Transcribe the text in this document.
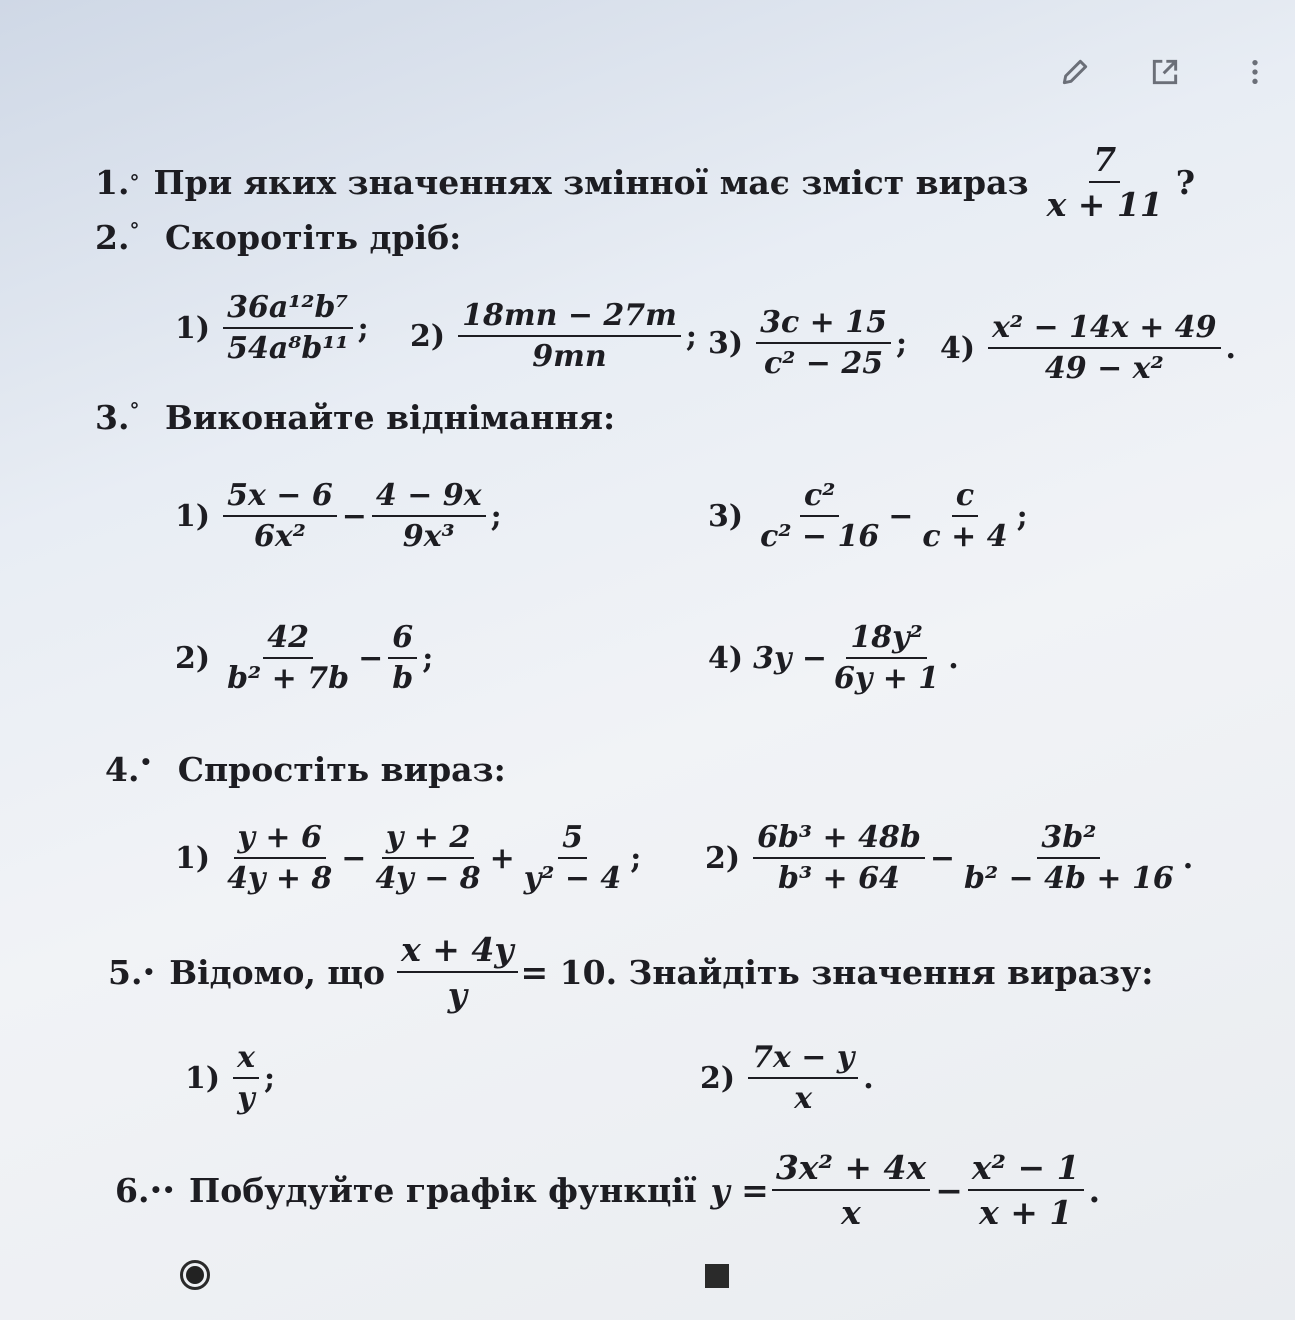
1. ° При яких значеннях змінної має зміст вираз $\frac{7}{x + 11}$ ?
2.° Скоротіть дріб:
$1) \frac{\text{36a¹²b⁷}}{\text{54a⁸b¹¹}}$ ; $2) \frac{18mn - 27m}{9mn}$ ; $3) \frac{3c + 15}{\text{c² − 25}}$ ; $4) \frac{\text{x² − 14x + 49}}{\text{49 − x²}}$ .
3.° Виконайте віднімання:
$1) \frac{5x - 6}{\text{6x²}} - \frac{4 - 9x}{\text{9x³}}$ ;	$3) \frac{\text{c²}}{\text{c² − 16}} - \frac{c}{c + 4}$ ;
$2) \frac{42}{\text{b² + 7b}} - \frac{6}{b}$ ;	4) $3y - \frac{\text{18y²}}{6y + 1}$ .
4.• Спростіть вираз:
$1) \frac{y + 6}{4y + 8} - \frac{y + 2}{4y - 8} + \frac{5}{\text{y² − 4}}$ ; $2) \frac{\text{6b³ + 48b}}{\text{b³ + 64}} - \frac{\text{3b²}}{\text{b² − 4b + 16}}$ .
5. • Відомо, що $\frac{x + 4y}{y} = 10$. Знайдіть значення виразу:
$1) \frac{x}{y}$ ;	$2) \frac{7x - y}{x}$ .
6. •• Побудуйте графік функції $y = \frac{\text{3x² + 4x}}{x} - \frac{\text{x² − 1}}{x + 1}$ .
